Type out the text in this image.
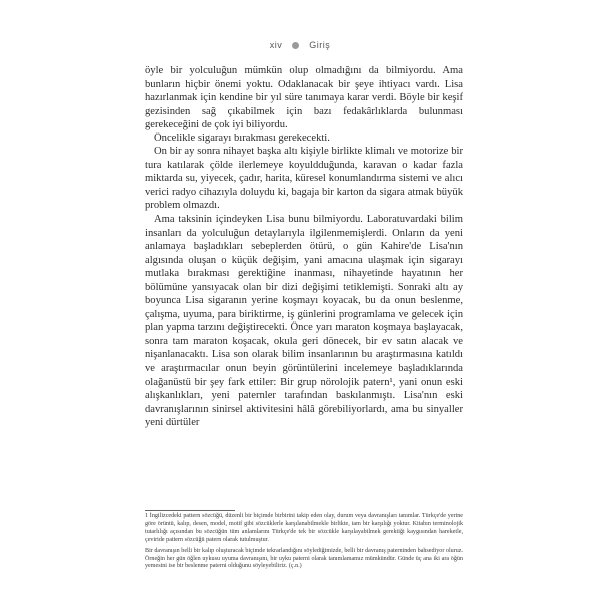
xiv	Giriş

öyle bir yolculuğun mümkün olup olmadığını da bilmiyordu. Ama bunların hiçbir önemi yoktu. Odaklanacak bir şeye ihtiyacı vardı. Lisa hazırlanmak için kendine bir yıl süre tanımaya karar verdi. Böyle bir keşif gezisinden sağ çıkabilmek için bazı fedakârlıklarda bulunması gerekeceğini de çok iyi biliyordu.

Öncelikle sigarayı bırakması gerekecekti.

On bir ay sonra nihayet başka altı kişiyle birlikte klimalı ve motorize bir tura katılarak çölde ilerlemeye koyuldduğunda, karavan o kadar fazla miktarda su, yiyecek, çadır, harita, küresel konumlandırma sistemi ve alıcı verici radyo cihazıyla doluydu ki, bagaja bir karton da sigara atmak büyük problem olmazdı.

Ama taksinin içindeyken Lisa bunu bilmiyordu. Laboratuvardaki bilim insanları da yolculuğun detaylarıyla ilgilenmemişlerdi. Onların da yeni anlamaya başladıkları sebeplerden ötürü, o gün Kahire'de Lisa'nın algısında oluşan o küçük değişim, yani amacına ulaşmak için sigarayı mutlaka bırakması gerektiğine inanması, nihayetinde hayatının her bölümüne yansıyacak olan bir dizi değişimi tetiklemişti. Sonraki altı ay boyunca Lisa sigaranın yerine koşmayı koyacak, bu da onun beslenme, çalışma, uyuma, para biriktirme, iş günlerini programlama ve gelecek için plan yapma tarzını değiştirecekti. Önce yarı maraton koşmaya başlayacak, sonra tam maraton koşacak, okula geri dönecek, bir ev satın alacak ve nişanlanacaktı. Lisa son olarak bilim insanlarının bu araştırmasına katıldı ve araştırmacılar onun beyin görüntülerini incelemeye başladıklarında olağanüstü bir şey fark ettiler: Bir grup nörolojik patern¹, yani onun eski alışkanlıkları, yeni paternler tarafından baskılanmıştı. Lisa'nın eski davranışlarının sinirsel aktivitesini hâlâ görebiliyorlardı, ama bu sinyaller yeni dürtüler

1 İngilizcedeki pattern sözcüğü, düzenli bir biçimde birbirini takip eden olay, durum veya davranışları tanımlar. Türkçe'de yerine göre örüntü, kalıp, desen, model, motif gibi sözcüklerle karşılanabilmekle birlikte, tam bir karşılığı yoktur. Kitabın terminolojik tutarlılığı açısından bu sözcüğün tüm anlamlarını Türkçe'de tek bir sözcükle karşılayabilmek gerektiği kaygısından hareketle, çeviride pattern sözcüğü patern olarak tutulmuştur.

Bir davranışın belli bir kalıp oluşturacak biçimde tekrarlandığını söylediğimizde, belli bir davranış paterninden bahsediyor oluruz. Örneğin her gün öğlen uykusu uyuma davranışını, bir uyku paterni olarak tanımlamamız mümkündür. Günde üç ana iki ara öğün yemesini ise bir beslenme paterni olduğunu söyleyebiliriz. (ç.n.)
